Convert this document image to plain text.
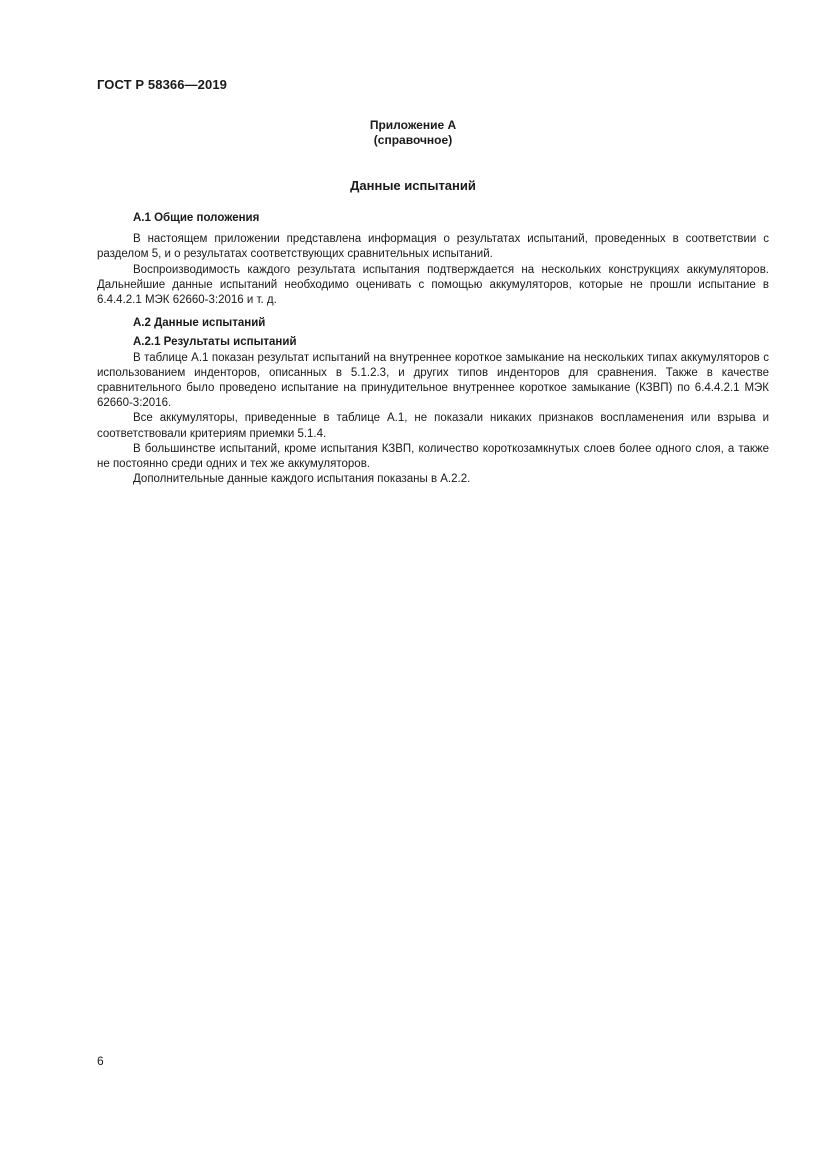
ГОСТ Р 58366—2019
Приложение А
(справочное)
Данные испытаний
А.1 Общие положения
В настоящем приложении представлена информация о результатах испытаний, проведенных в соответствии с разделом 5, и о результатах соответствующих сравнительных испытаний.
Воспроизводимость каждого результата испытания подтверждается на нескольких конструкциях аккумуляторов. Дальнейшие данные испытаний необходимо оценивать с помощью аккумуляторов, которые не прошли испытание в 6.4.4.2.1 МЭК 62660-3:2016 и т. д.
А.2 Данные испытаний
А.2.1 Результаты испытаний
В таблице А.1 показан результат испытаний на внутреннее короткое замыкание на нескольких типах аккумуляторов с использованием инденторов, описанных в 5.1.2.3, и других типов инденторов для сравнения. Также в качестве сравнительного было проведено испытание на принудительное внутреннее короткое замыкание (КЗВП) по 6.4.4.2.1 МЭК 62660-3:2016.
Все аккумуляторы, приведенные в таблице А.1, не показали никаких признаков воспламенения или взрыва и соответствовали критериям приемки 5.1.4.
В большинстве испытаний, кроме испытания КЗВП, количество короткозамкнутых слоев более одного слоя, а также не постоянно среди одних и тех же аккумуляторов.
Дополнительные данные каждого испытания показаны в А.2.2.
6
